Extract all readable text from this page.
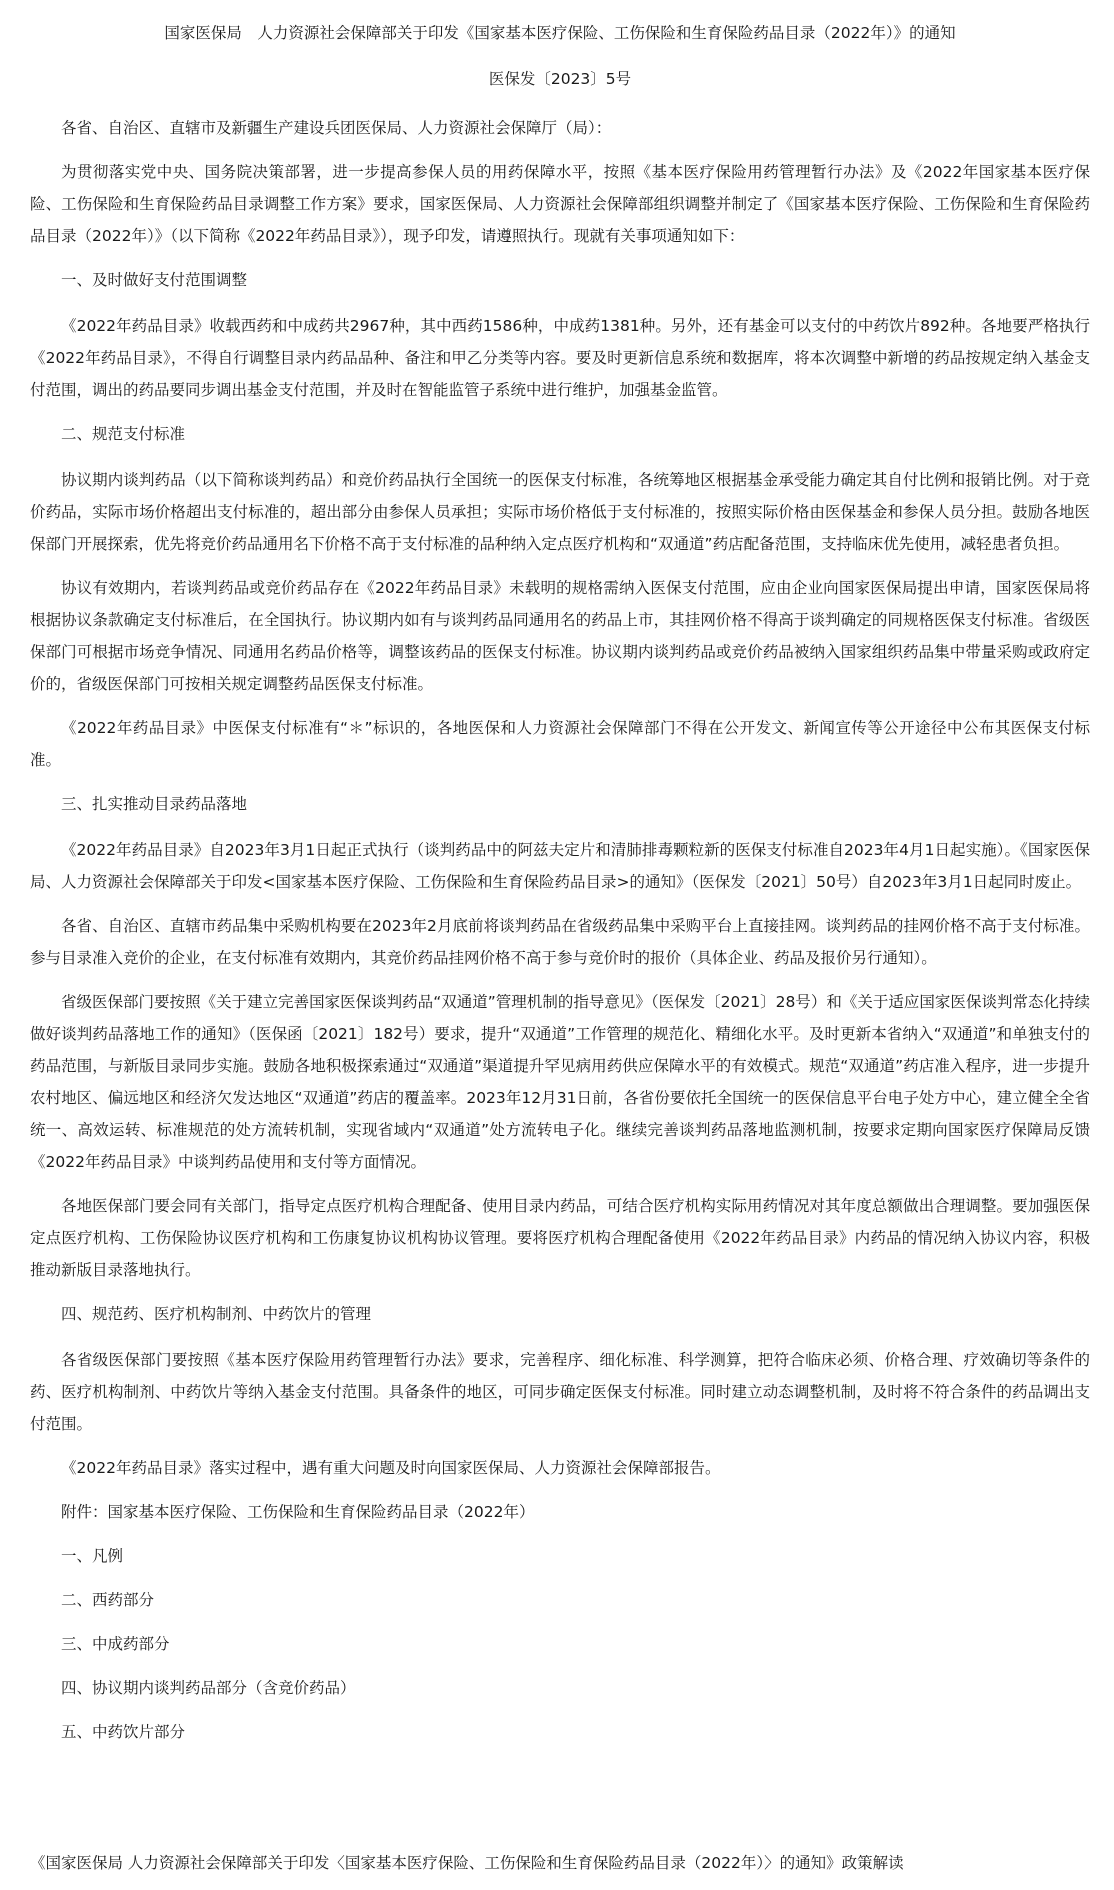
国家医保局　人力资源社会保障部关于印发《国家基本医疗保险、工伤保险和生育保险药品目录（2022年）》的通知
医保发〔2023〕5号

各省、自治区、直辖市及新疆生产建设兵团医保局、人力资源社会保障厅（局）：

为贯彻落实党中央、国务院决策部署，进一步提高参保人员的用药保障水平，按照《基本医疗保险用药管理暂行办法》及《2022年国家基本医疗保险、工伤保险和生育保险药品目录调整工作方案》要求，国家医保局、人力资源社会保障部组织调整并制定了《国家基本医疗保险、工伤保险和生育保险药品目录（2022年）》（以下简称《2022年药品目录》），现予印发，请遵照执行。现就有关事项通知如下：

一、及时做好支付范围调整

《2022年药品目录》收载西药和中成药共2967种，其中西药1586种，中成药1381种。另外，还有基金可以支付的中药饮片892种。各地要严格执行《2022年药品目录》，不得自行调整目录内药品品种、备注和甲乙分类等内容。要及时更新信息系统和数据库，将本次调整中新增的药品按规定纳入基金支付范围，调出的药品要同步调出基金支付范围，并及时在智能监管子系统中进行维护，加强基金监管。

二、规范支付标准

协议期内谈判药品（以下简称谈判药品）和竞价药品执行全国统一的医保支付标准，各统筹地区根据基金承受能力确定其自付比例和报销比例。对于竞价药品，实际市场价格超出支付标准的，超出部分由参保人员承担；实际市场价格低于支付标准的，按照实际价格由医保基金和参保人员分担。鼓励各地医保部门开展探索，优先将竞价药品通用名下价格不高于支付标准的品种纳入定点医疗机构和“双通道”药店配备范围，支持临床优先使用，减轻患者负担。

协议有效期内，若谈判药品或竞价药品存在《2022年药品目录》未载明的规格需纳入医保支付范围，应由企业向国家医保局提出申请，国家医保局将根据协议条款确定支付标准后，在全国执行。协议期内如有与谈判药品同通用名的药品上市，其挂网价格不得高于谈判确定的同规格医保支付标准。省级医保部门可根据市场竞争情况、同通用名药品价格等，调整该药品的医保支付标准。协议期内谈判药品或竞价药品被纳入国家组织药品集中带量采购或政府定价的，省级医保部门可按相关规定调整药品医保支付标准。

《2022年药品目录》中医保支付标准有“＊”标识的，各地医保和人力资源社会保障部门不得在公开发文、新闻宣传等公开途径中公布其医保支付标准。

三、扎实推动目录药品落地

《2022年药品目录》自2023年3月1日起正式执行（谈判药品中的阿兹夫定片和清肺排毒颗粒新的医保支付标准自2023年4月1日起实施）。《国家医保局、人力资源社会保障部关于印发<国家基本医疗保险、工伤保险和生育保险药品目录>的通知》（医保发〔2021〕50号）自2023年3月1日起同时废止。

各省、自治区、直辖市药品集中采购机构要在2023年2月底前将谈判药品在省级药品集中采购平台上直接挂网。谈判药品的挂网价格不高于支付标准。参与目录准入竞价的企业，在支付标准有效期内，其竞价药品挂网价格不高于参与竞价时的报价（具体企业、药品及报价另行通知）。

省级医保部门要按照《关于建立完善国家医保谈判药品“双通道”管理机制的指导意见》（医保发〔2021〕28号）和《关于适应国家医保谈判常态化持续做好谈判药品落地工作的通知》（医保函〔2021〕182号）要求，提升“双通道”工作管理的规范化、精细化水平。及时更新本省纳入“双通道”和单独支付的药品范围，与新版目录同步实施。鼓励各地积极探索通过“双通道”渠道提升罕见病用药供应保障水平的有效模式。规范“双通道”药店准入程序，进一步提升农村地区、偏远地区和经济欠发达地区“双通道”药店的覆盖率。2023年12月31日前，各省份要依托全国统一的医保信息平台电子处方中心，建立健全全省统一、高效运转、标准规范的处方流转机制，实现省域内“双通道”处方流转电子化。继续完善谈判药品落地监测机制，按要求定期向国家医疗保障局反馈《2022年药品目录》中谈判药品使用和支付等方面情况。

各地医保部门要会同有关部门，指导定点医疗机构合理配备、使用目录内药品，可结合医疗机构实际用药情况对其年度总额做出合理调整。要加强医保定点医疗机构、工伤保险协议医疗机构和工伤康复协议机构协议管理。要将医疗机构合理配备使用《2022年药品目录》内药品的情况纳入协议内容，积极推动新版目录落地执行。

四、规范药、医疗机构制剂、中药饮片的管理

各省级医保部门要按照《基本医疗保险用药管理暂行办法》要求，完善程序、细化标准、科学测算，把符合临床必须、价格合理、疗效确切等条件的药、医疗机构制剂、中药饮片等纳入基金支付范围。具备条件的地区，可同步确定医保支付标准。同时建立动态调整机制，及时将不符合条件的药品调出支付范围。

《2022年药品目录》落实过程中，遇有重大问题及时向国家医保局、人力资源社会保障部报告。

附件：国家基本医疗保险、工伤保险和生育保险药品目录（2022年）

一、凡例

二、西药部分

三、中成药部分

四、协议期内谈判药品部分（含竞价药品）

五、中药饮片部分

《国家医保局 人力资源社会保障部关于印发〈国家基本医疗保险、工伤保险和生育保险药品目录（2022年）〉的通知》政策解读
